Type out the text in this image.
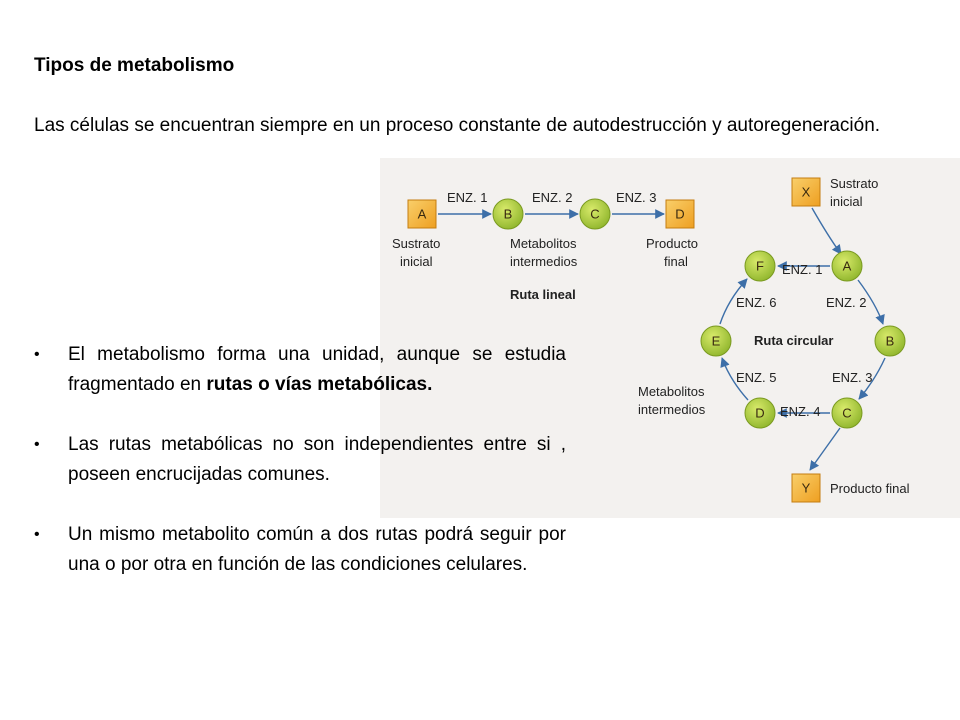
Tipos de metabolismo

Las células se encuentran siempre en un proceso constante de autodestrucción y autoregeneración.

A	B	C	D
ENZ. 1	ENZ. 2	ENZ. 3
Sustrato
inicial
Metabolitos
intermedios
Producto
final
Ruta lineal
X
Sustrato
inicial
A
B
C
D
E
F ENZ. 1
ENZ. 2
ENZ. 3
ENZ. 4
ENZ. 5
ENZ. 6
Ruta circular
Metabolitos
intermedios
Y Producto final
• El metabolismo forma una unidad, aunque se estudia fragmentado en rutas o vías metabólicas.
• Las rutas metabólicas no son independientes entre si , poseen encrucijadas comunes.
• Un mismo metabolito común a dos rutas podrá seguir por una o por otra en función de las condiciones celulares.
